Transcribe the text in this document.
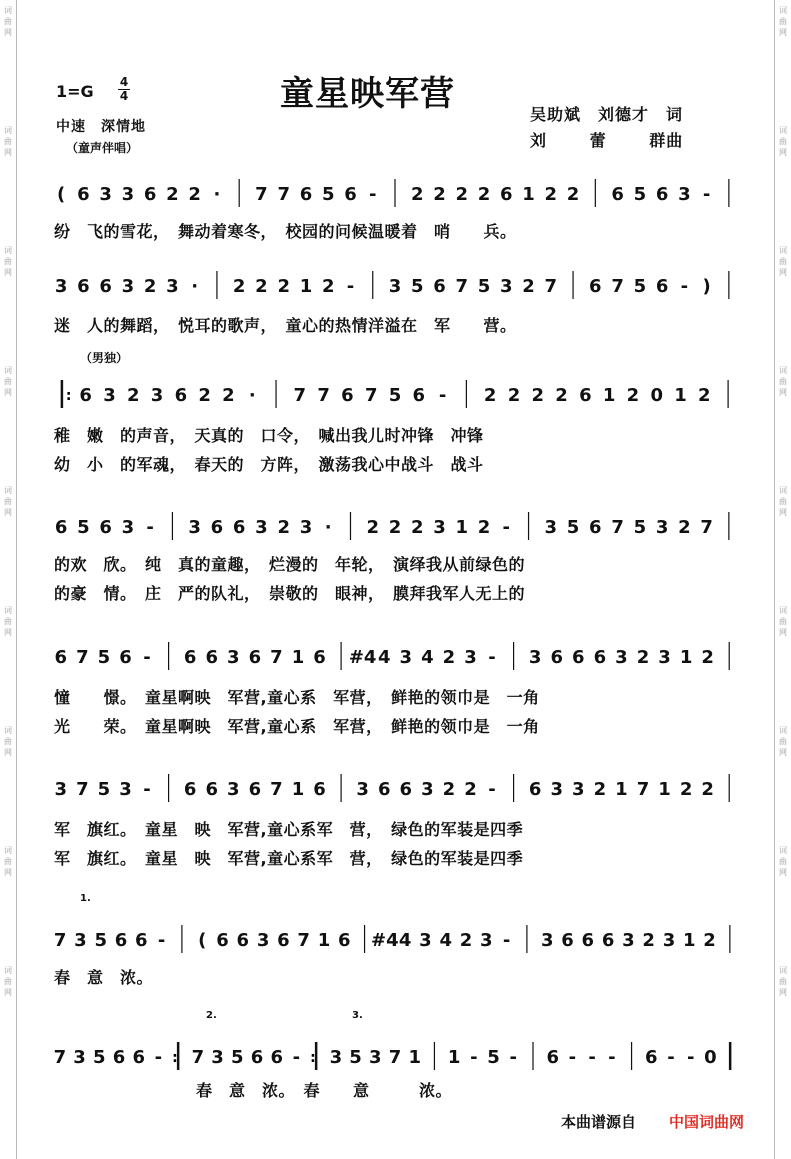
词
曲
网
词
曲
网
词
曲
网
词
曲
网
词
曲
网
词
曲
网
词
曲
网
词
曲
网
词
曲
网
词
曲
网
词
曲
网
词
曲
网
词
曲
网
词
曲
网
词
曲
网
词
曲
网
词
曲
网
词
曲
网
1=G 4
4
中速　深情地
（童声伴唱）
童星映军营
吴助斌　刘德才　词
刘	蕾	群曲
( 6 3 3 6 2 2 · 7 7 6 5 6 - 2 2 2 2 6 1 2 2 6 5 6 3 -
纷　飞的雪花，　舞动着寒冬，　校园的问候温暖着　哨　　兵。
3 6 6 3 2 3 · 2 2 2 1 2 - 3 5 6 7 5 3 2 7 6 7 5 6 - )
迷　人的舞蹈，　悦耳的歌声，　童心的热情洋溢在　军　　营。
（男独）
: 6 3 2 3 6 2 2 · 7 7 6 7 5 6 - 2 2 2 2 6 1 2 0 1 2
稚　嫩　的声音，　天真的　口令，　喊出我儿时冲锋　冲锋
幼　小　的军魂，　春天的　方阵，　激荡我心中战斗　战斗
6 5 6 3 - 3 6 6 3 2 3 · 2 2 2 3 1 2 - 3 5 6 7 5 3 2 7
的欢　欣。　纯　真的童趣，　烂漫的　年轮，　演绎我从前绿色的
的豪　情。　庄　严的队礼，　崇敬的　眼神，　膜拜我军人无上的
6 7 5 6 - 6 6 3 6 7 1 6 #4 4 3 4 2 3 - 3 6 6 6 3 2 3 1 2
憧　　憬。　童星啊映　军营,童心系　军营，　鲜艳的领巾是　一角
光　　荣。　童星啊映　军营,童心系　军营，　鲜艳的领巾是　一角
3 7 5 3 - 6 6 3 6 7 1 6 3 6 6 3 2 2 - 6 3 3 2 1 7 1 2 2
军　旗红。　童星　映　军营,童心系军　营，　绿色的军装是四季
军　旗红。　童星　映　军营,童心系军　营，　绿色的军装是四季
1.
7 3 5 6 6 - ( 6 6 3 6 7 1 6 #4 4 3 4 2 3 - 3 6 6 6 3 2 3 1 2
春　意　浓。
2.	3.
7 3 5 6 6 - : 7 3 5 6 6 - : 3 5 3 7 1 1 - 5 - 6 - - - 6 - - 0
春　意　浓。　春　　意　　　浓。
本曲谱源自 中国词曲网
